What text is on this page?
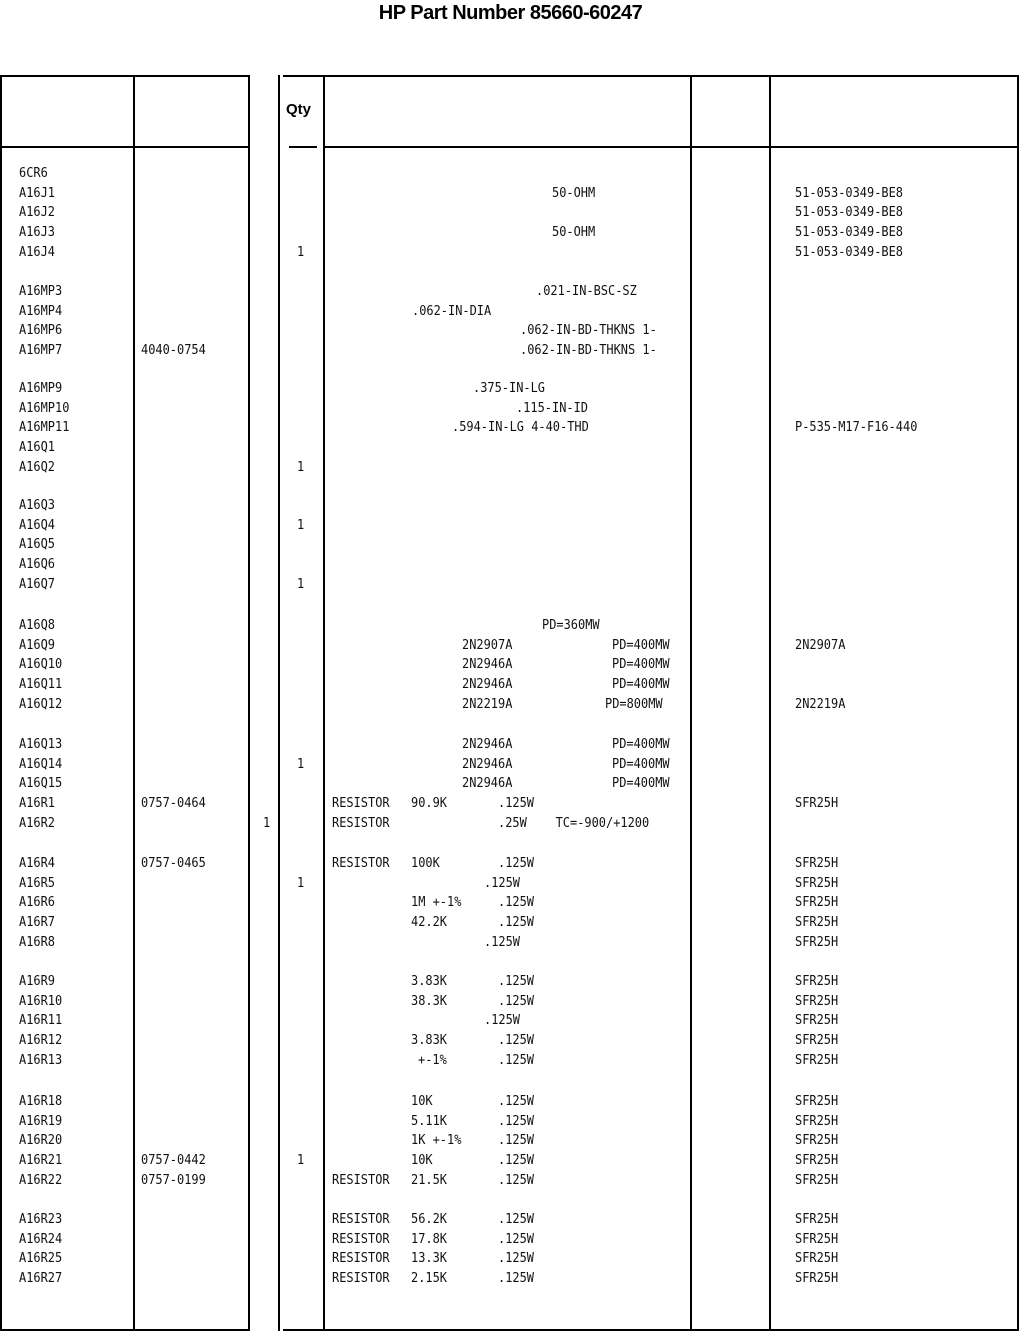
HP Part Number 85660-60247
Qty
6CR6
A16J1	50-OHM	51-053-0349-BE8
A16J2	51-053-0349-BE8
A16J3	50-OHM	51-053-0349-BE8
A16J4	1	51-053-0349-BE8
A16MP3	.021-IN-BSC-SZ
A16MP4	.062-IN-DIA
A16MP6	.062-IN-BD-THKNS 1-
A16MP7	4040-0754	.062-IN-BD-THKNS 1-
A16MP9	.375-IN-LG
A16MP10	.115-IN-ID
A16MP11	.594-IN-LG 4-40-THD	P-535-M17-F16-440
A16Q1
A16Q2	1
A16Q3
A16Q4	1
A16Q5
A16Q6
A16Q7	1
A16Q8	PD=360MW
A16Q9	2N2907A	PD=400MW	2N2907A
A16Q10	2N2946A	PD=400MW
A16Q11	2N2946A	PD=400MW
A16Q12	2N2219A	PD=800MW	2N2219A
A16Q13	2N2946A	PD=400MW
A16Q14	1	2N2946A	PD=400MW
A16Q15	2N2946A	PD=400MW
A16R1	0757-0464	RESISTOR 90.9K	.125W	SFR25H
A16R2	1	RESISTOR	.25W    TC=-900/+1200
A16R4	0757-0465	RESISTOR 100K	.125W	SFR25H
A16R5	1	.125W	SFR25H
A16R6	1M +-1%	.125W	SFR25H
A16R7	42.2K	.125W	SFR25H
A16R8	.125W	SFR25H
A16R9	3.83K	.125W	SFR25H
A16R10	38.3K	.125W	SFR25H
A16R11	.125W	SFR25H
A16R12	3.83K	.125W	SFR25H
A16R13	+-1%	.125W	SFR25H
A16R18	10K	.125W	SFR25H
A16R19	5.11K	.125W	SFR25H
A16R20	1K +-1%	.125W	SFR25H
A16R21	0757-0442	1	10K	.125W	SFR25H
A16R22	0757-0199	RESISTOR 21.5K	.125W	SFR25H
A16R23	RESISTOR 56.2K	.125W	SFR25H
A16R24	RESISTOR 17.8K	.125W	SFR25H
A16R25	RESISTOR 13.3K	.125W	SFR25H
A16R27	RESISTOR 2.15K	.125W	SFR25H
